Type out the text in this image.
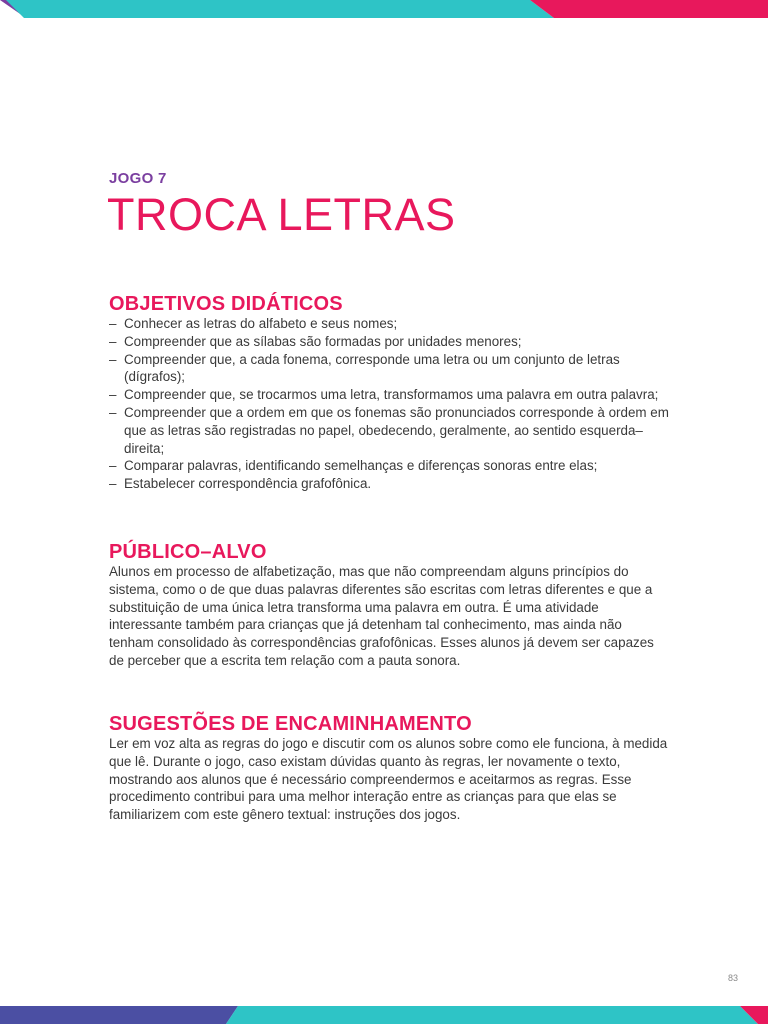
JOGO 7
TROCA LETRAS
OBJETIVOS DIDÁTICOS
– Conhecer as letras do alfabeto e seus nomes;
– Compreender que as sílabas são formadas por unidades menores;
– Compreender que, a cada fonema, corresponde uma letra ou um conjunto de letras (dígrafos);
– Compreender que, se trocarmos uma letra, transformamos uma palavra em outra palavra;
– Compreender que a ordem em que os fonemas são pronunciados corresponde à ordem em que as letras são registradas no papel, obedecendo, geralmente, ao sentido esquerda–direita;
– Comparar palavras, identificando semelhanças e diferenças sonoras entre elas;
– Estabelecer correspondência grafofônica.
PÚBLICO–ALVO

Alunos em processo de alfabetização, mas que não compreendam alguns princípios do sistema, como o de que duas palavras diferentes são escritas com letras diferentes e que a substituição de uma única letra transforma uma palavra em outra. É uma atividade interessante também para crianças que já detenham tal conhecimento, mas ainda não tenham consolidado às correspondências grafofônicas. Esses alunos já devem ser capazes de perceber que a escrita tem relação com a pauta sonora.

SUGESTÕES DE ENCAMINHAMENTO

Ler em voz alta as regras do jogo e discutir com os alunos sobre como ele funciona, à medida que lê. Durante o jogo, caso existam dúvidas quanto às regras, ler novamente o texto, mostrando aos alunos que é necessário compreendermos e aceitarmos as regras. Esse procedimento contribui para uma melhor interação entre as crianças para que elas se familiarizem com este gênero textual: instruções dos jogos.

83
